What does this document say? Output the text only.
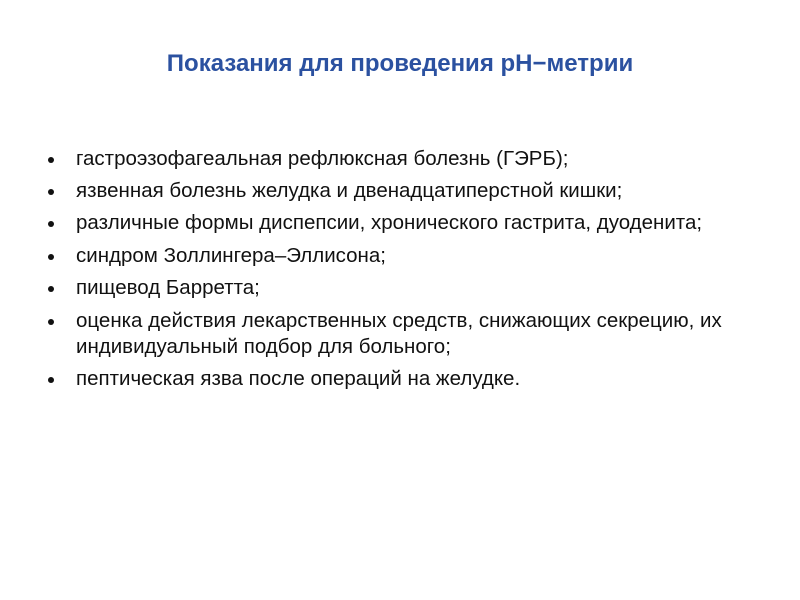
Показания для проведения рН−метрии
гастроэзофагеальная рефлюксная болезнь (ГЭРБ);
язвенная болезнь желудка и двенадцатиперстной кишки;
различные формы диспепсии, хронического гастрита, дуоденита;
синдром Золлингера–Эллисона;
пищевод Барретта;
оценка действия лекарственных средств, снижающих секрецию, их индивидуальный подбор для больного;
пептическая язва после операций на желудке.
